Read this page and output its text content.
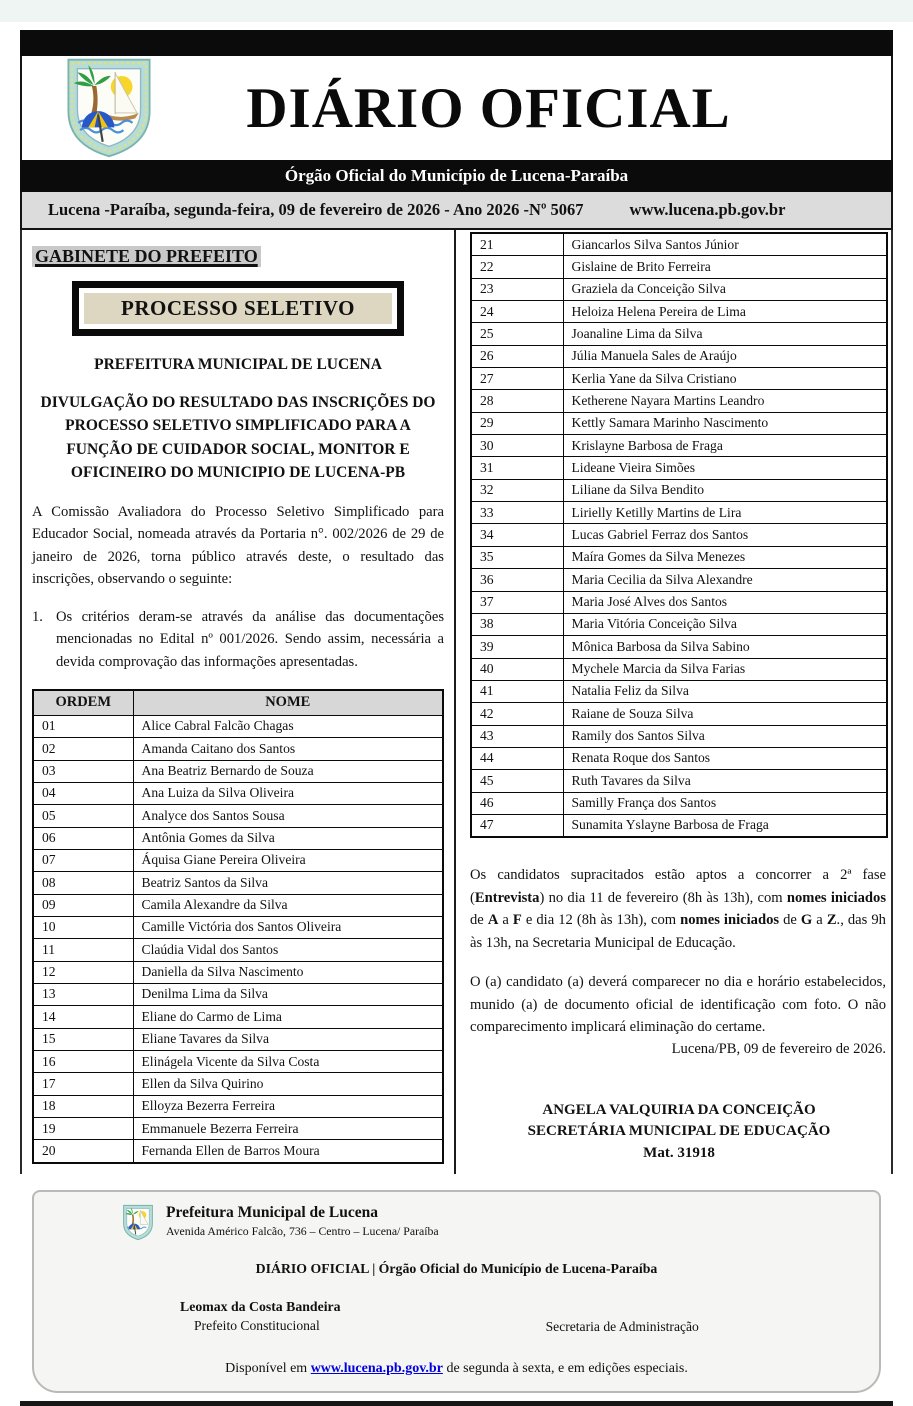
DIÁRIO OFICIAL
Órgão Oficial do Município de Lucena-Paraíba
Lucena -Paraíba, segunda-feira, 09 de fevereiro de 2026 - Ano 2026 -Nº 5067	www.lucena.pb.gov.br
GABINETE DO PREFEITO
PROCESSO SELETIVO
PREFEITURA MUNICIPAL DE LUCENA
DIVULGAÇÃO DO RESULTADO DAS INSCRIÇÕES DO PROCESSO SELETIVO SIMPLIFICADO PARA A FUNÇÃO DE CUIDADOR SOCIAL, MONITOR E OFICINEIRO DO MUNICIPIO DE LUCENA-PB
A Comissão Avaliadora do Processo Seletivo Simplificado para Educador Social, nomeada através da Portaria n°. 002/2026 de 29 de janeiro de 2026, torna público através deste, o resultado das inscrições, observando o seguinte:
1. Os critérios deram-se através da análise das documentações mencionadas no Edital nº 001/2026. Sendo assim, necessária a devida comprovação das informações apresentadas.
ORDEM	NOME
01	Alice Cabral Falcão Chagas
02	Amanda Caitano dos Santos
03	Ana Beatriz Bernardo de Souza
04	Ana Luiza da Silva Oliveira
05	Analyce dos Santos Sousa
06	Antônia Gomes da Silva
07	Áquisa Giane Pereira Oliveira
08	Beatriz Santos da Silva
09	Camila Alexandre da Silva
10	Camille Victória dos Santos Oliveira
11	Claúdia Vidal dos Santos
12	Daniella da Silva Nascimento
13	Denilma Lima da Silva
14	Eliane do Carmo de Lima
15	Eliane Tavares da Silva
16	Elinágela Vicente da Silva Costa
17	Ellen da Silva Quirino
18	Elloyza Bezerra Ferreira
19	Emmanuele Bezerra Ferreira
20	Fernanda Ellen de Barros Moura
21	Giancarlos Silva Santos Júnior
22	Gislaine de Brito Ferreira
23	Graziela da Conceição Silva
24	Heloiza Helena Pereira de Lima
25	Joanaline Lima da Silva
26	Júlia Manuela Sales de Araújo
27	Kerlia Yane da Silva Cristiano
28	Ketherene Nayara Martins Leandro
29	Kettly Samara Marinho Nascimento
30	Krislayne Barbosa de Fraga
31	Lideane Vieira Simões
32	Liliane da Silva Bendito
33	Lirielly Ketilly Martins de Lira
34	Lucas Gabriel Ferraz dos Santos
35	Maíra Gomes da Silva Menezes
36	Maria Cecilia da Silva Alexandre
37	Maria José Alves dos Santos
38	Maria Vitória Conceição Silva
39	Mônica Barbosa da Silva Sabino
40	Mychele Marcia da Silva Farias
41	Natalia Feliz da Silva
42	Raiane de Souza Silva
43	Ramily dos Santos Silva
44	Renata Roque dos Santos
45	Ruth Tavares da Silva
46	Samilly França dos Santos
47	Sunamita Yslayne Barbosa de Fraga
Os candidatos supracitados estão aptos a concorrer a 2ª fase (Entrevista) no dia 11 de fevereiro (8h às 13h), com nomes iniciados de A a F e dia 12 (8h às 13h), com nomes iniciados de G a Z., das 9h às 13h, na Secretaria Municipal de Educação.
O (a) candidato (a) deverá comparecer no dia e horário estabelecidos, munido (a) de documento oficial de identificação com foto. O não comparecimento implicará eliminação do certame.
Lucena/PB, 09 de fevereiro de 2026.
ANGELA VALQUIRIA DA CONCEIÇÃO
SECRETÁRIA MUNICIPAL DE EDUCAÇÃO
Mat. 31918
Prefeitura Municipal de Lucena
Avenida Américo Falcão, 736 – Centro – Lucena/ Paraíba
DIÁRIO OFICIAL | Órgão Oficial do Município de Lucena-Paraíba
Leomax da Costa Bandeira
Prefeito Constitucional	Secretaria de Administração
Disponível em www.lucena.pb.gov.br de segunda à sexta, e em edições especiais.
